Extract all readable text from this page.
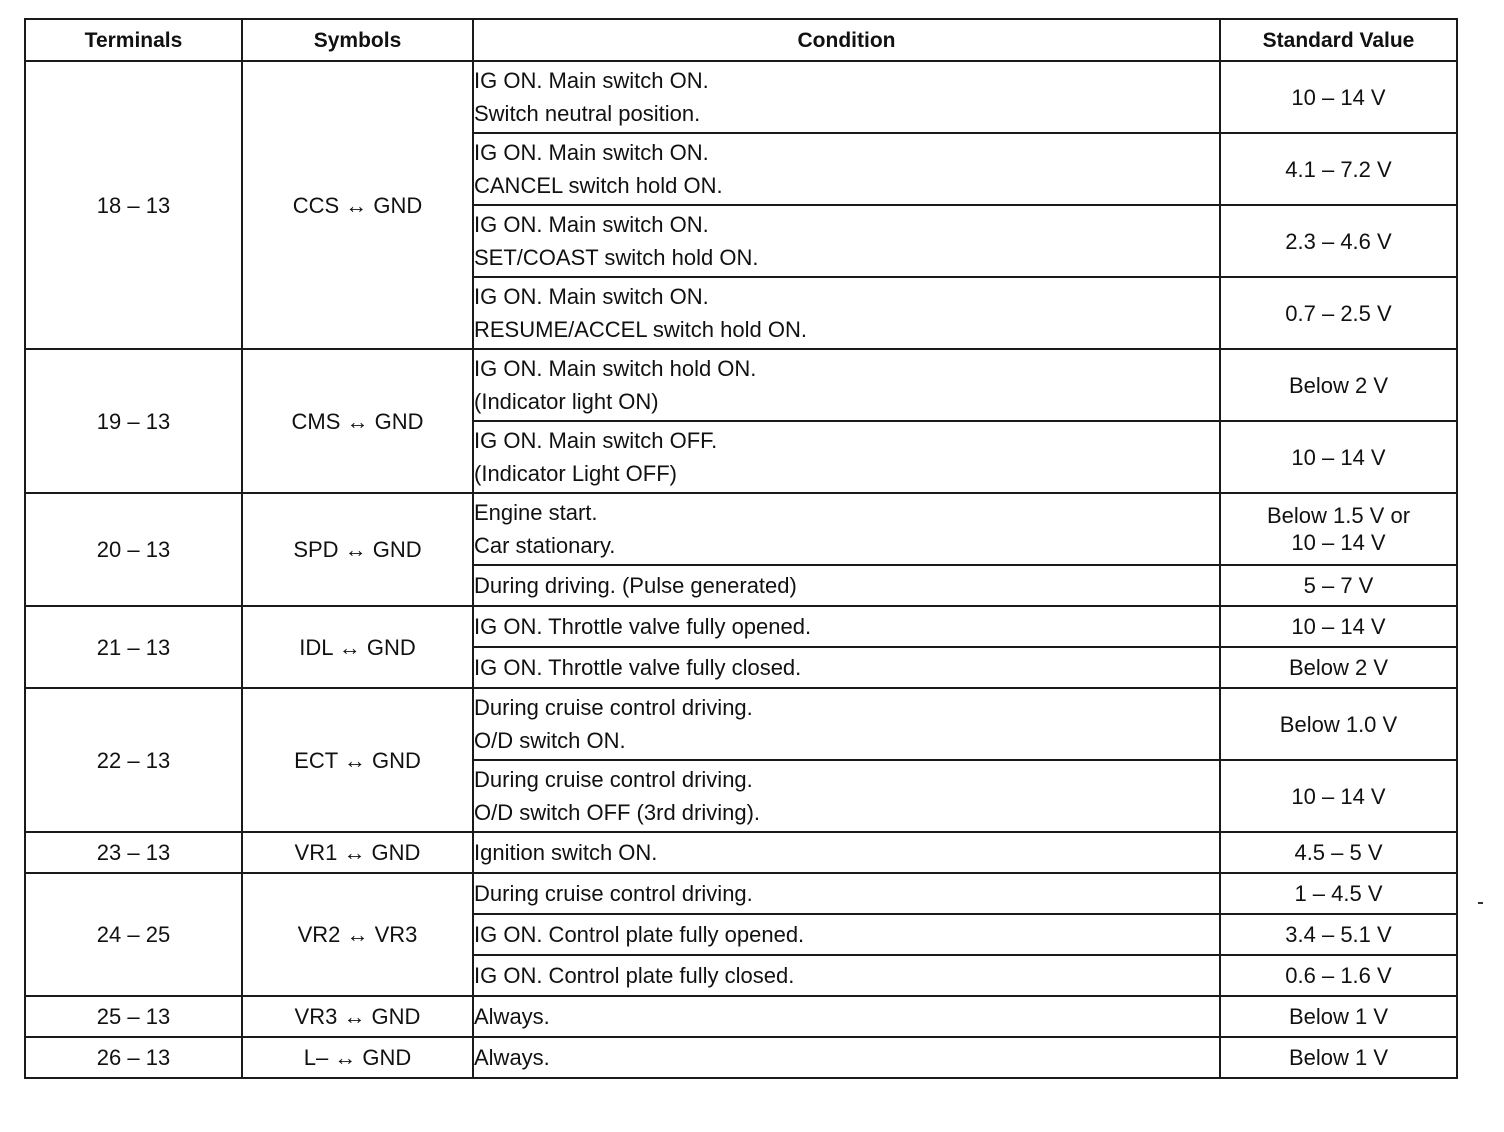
Terminals	Symbols	Condition	Standard Value
18 – 13	CCS ↔ GND	IG ON. Main switch ON.
Switch neutral position.	10 – 14 V

		IG ON. Main switch ON.
CANCEL switch hold ON.	4.1 – 7.2 V

		IG ON. Main switch ON.
SET/COAST switch hold ON.	2.3 – 4.6 V

		IG ON. Main switch ON.
RESUME/ACCEL switch hold ON.	0.7 – 2.5 V

19 – 13	CMS ↔ GND	IG ON. Main switch hold ON.
(Indicator light ON)	Below 2 V

		IG ON. Main switch OFF.
(Indicator Light OFF)	10 – 14 V

20 – 13	SPD ↔ GND	Engine start.
Car stationary.	Below 1.5 V or
10 – 14 V

		During driving. (Pulse generated)	5 – 7 V

21 – 13	IDL ↔ GND	IG ON. Throttle valve fully opened.	10 – 14 V

		IG ON. Throttle valve fully closed.	Below 2 V

22 – 13	ECT ↔ GND	During cruise control driving.
O/D switch ON.	Below 1.0 V

		During cruise control driving.
O/D switch OFF (3rd driving).	10 – 14 V

23 – 13	VR1 ↔ GND	Ignition switch ON.	4.5 – 5 V

24 – 25	VR2 ↔ VR3	During cruise control driving.	1 – 4.5 V

		IG ON. Control plate fully opened.	3.4 – 5.1 V

		IG ON. Control plate fully closed.	0.6 – 1.6 V

25 – 13	VR3 ↔ GND	Always.	Below 1 V

26 – 13	L– ↔ GND	Always.	Below 1 V
